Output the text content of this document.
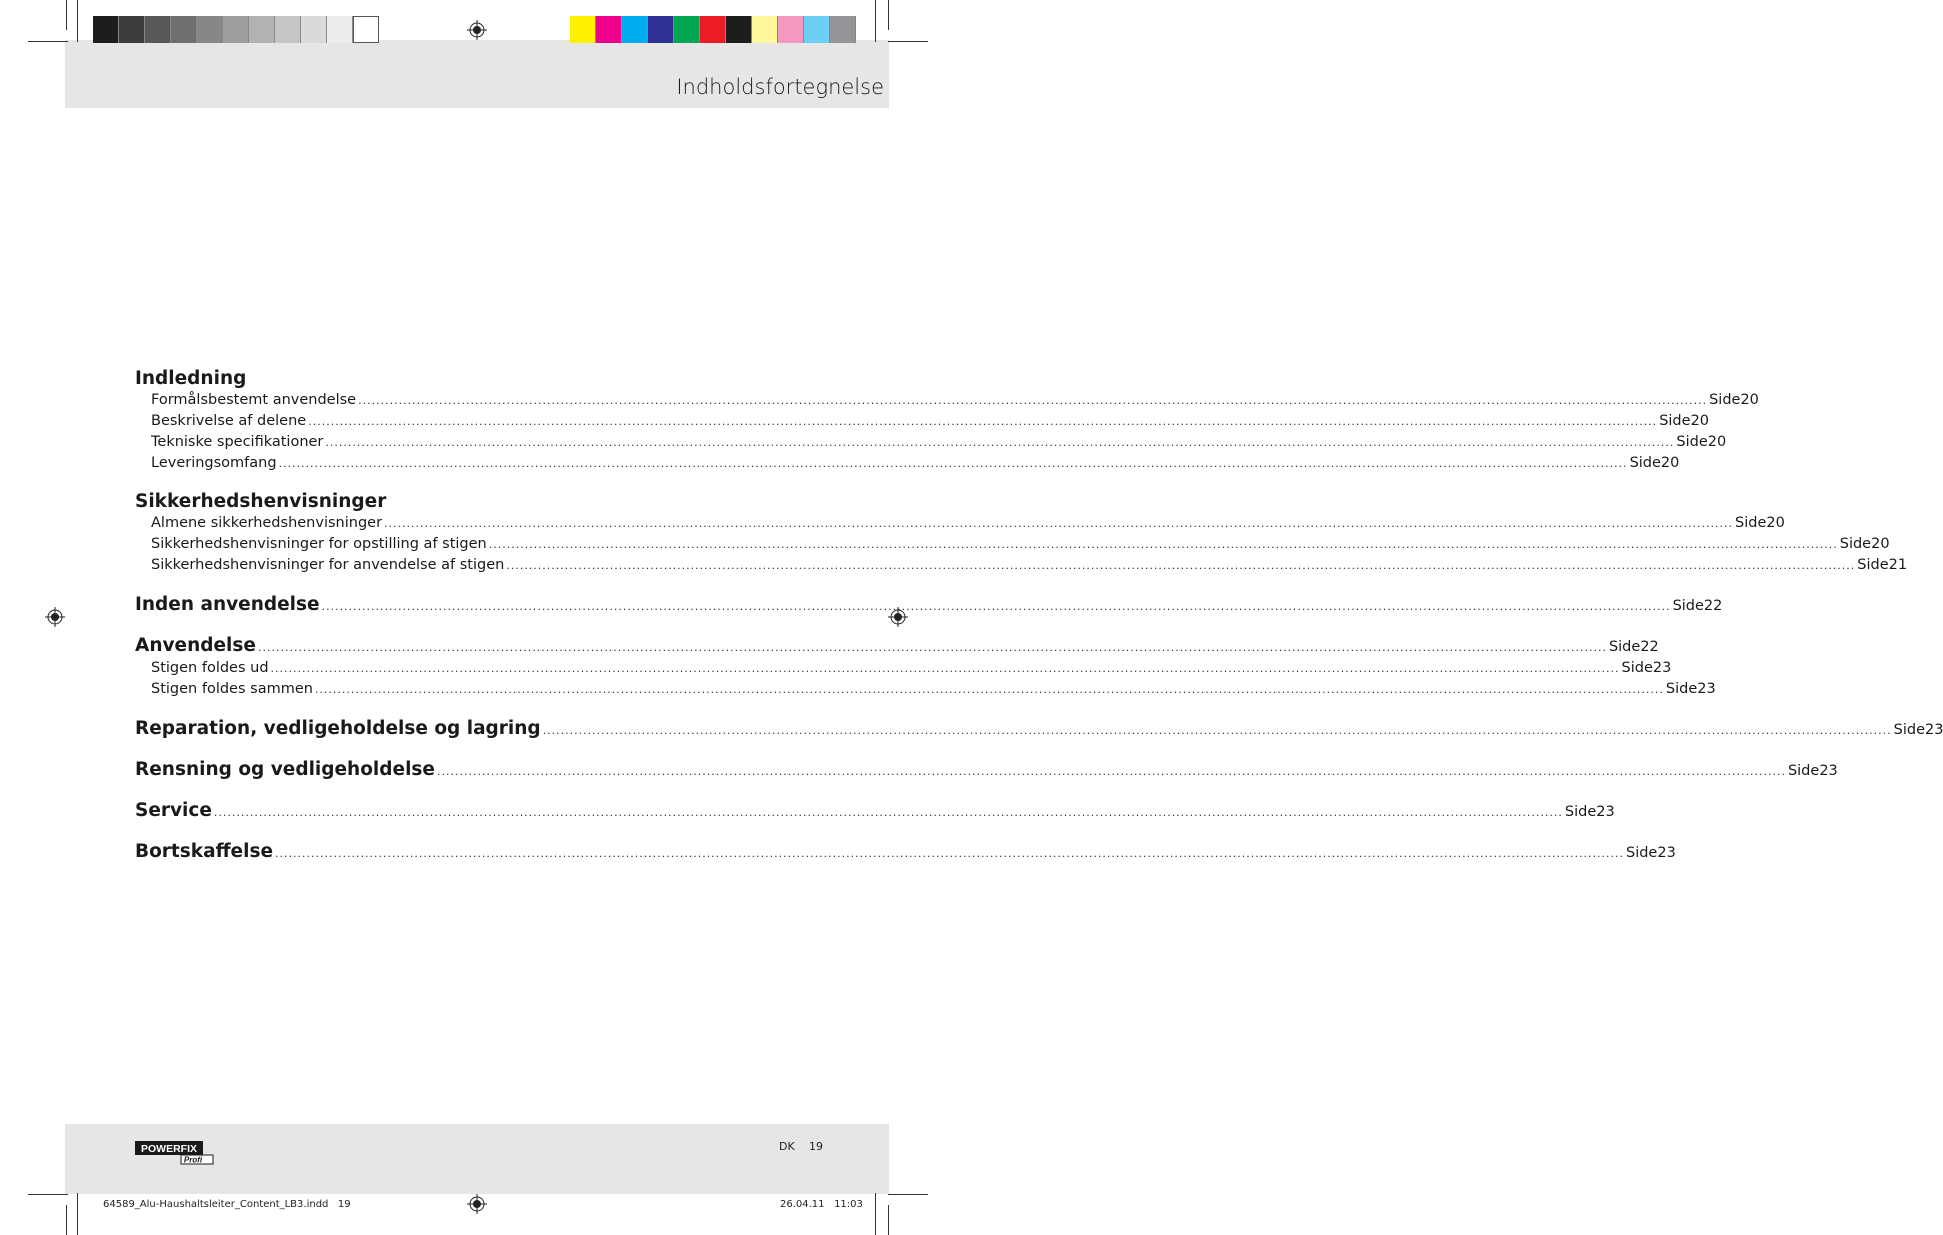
Indholdsfortegnelse
Indledning
Formålsbestemt anvendelse ............................................................................................................................................................................................................................................................................................................ Side 20
Beskrivelse af delene ............................................................................................................................................................................................................................................................................................................ Side 20
Tekniske specifikationer ............................................................................................................................................................................................................................................................................................................ Side 20
Leveringsomfang ............................................................................................................................................................................................................................................................................................................ Side 20
Sikkerhedshenvisninger
Almene sikkerhedshenvisninger ............................................................................................................................................................................................................................................................................................................ Side 20
Sikkerhedshenvisninger for opstilling af stigen ............................................................................................................................................................................................................................................................................................................ Side 20
Sikkerhedshenvisninger for anvendelse af stigen ............................................................................................................................................................................................................................................................................................................ Side 21
Inden anvendelse ............................................................................................................................................................................................................................................................................................................ Side 22
Anvendelse ............................................................................................................................................................................................................................................................................................................ Side 22
Stigen foldes ud ............................................................................................................................................................................................................................................................................................................ Side 23
Stigen foldes sammen ............................................................................................................................................................................................................................................................................................................ Side 23
Reparation, vedligeholdelse og lagring ............................................................................................................................................................................................................................................................................................................ Side 23
Rensning og vedligeholdelse ............................................................................................................................................................................................................................................................................................................ Side 23
Service ............................................................................................................................................................................................................................................................................................................ Side 23
Bortskaffelse ............................................................................................................................................................................................................................................................................................................ Side 23
POWERFIX
Profi
DK 19
64589_Alu-Haushaltsleiter_Content_LB3.indd   19	26.04.11   11:03
